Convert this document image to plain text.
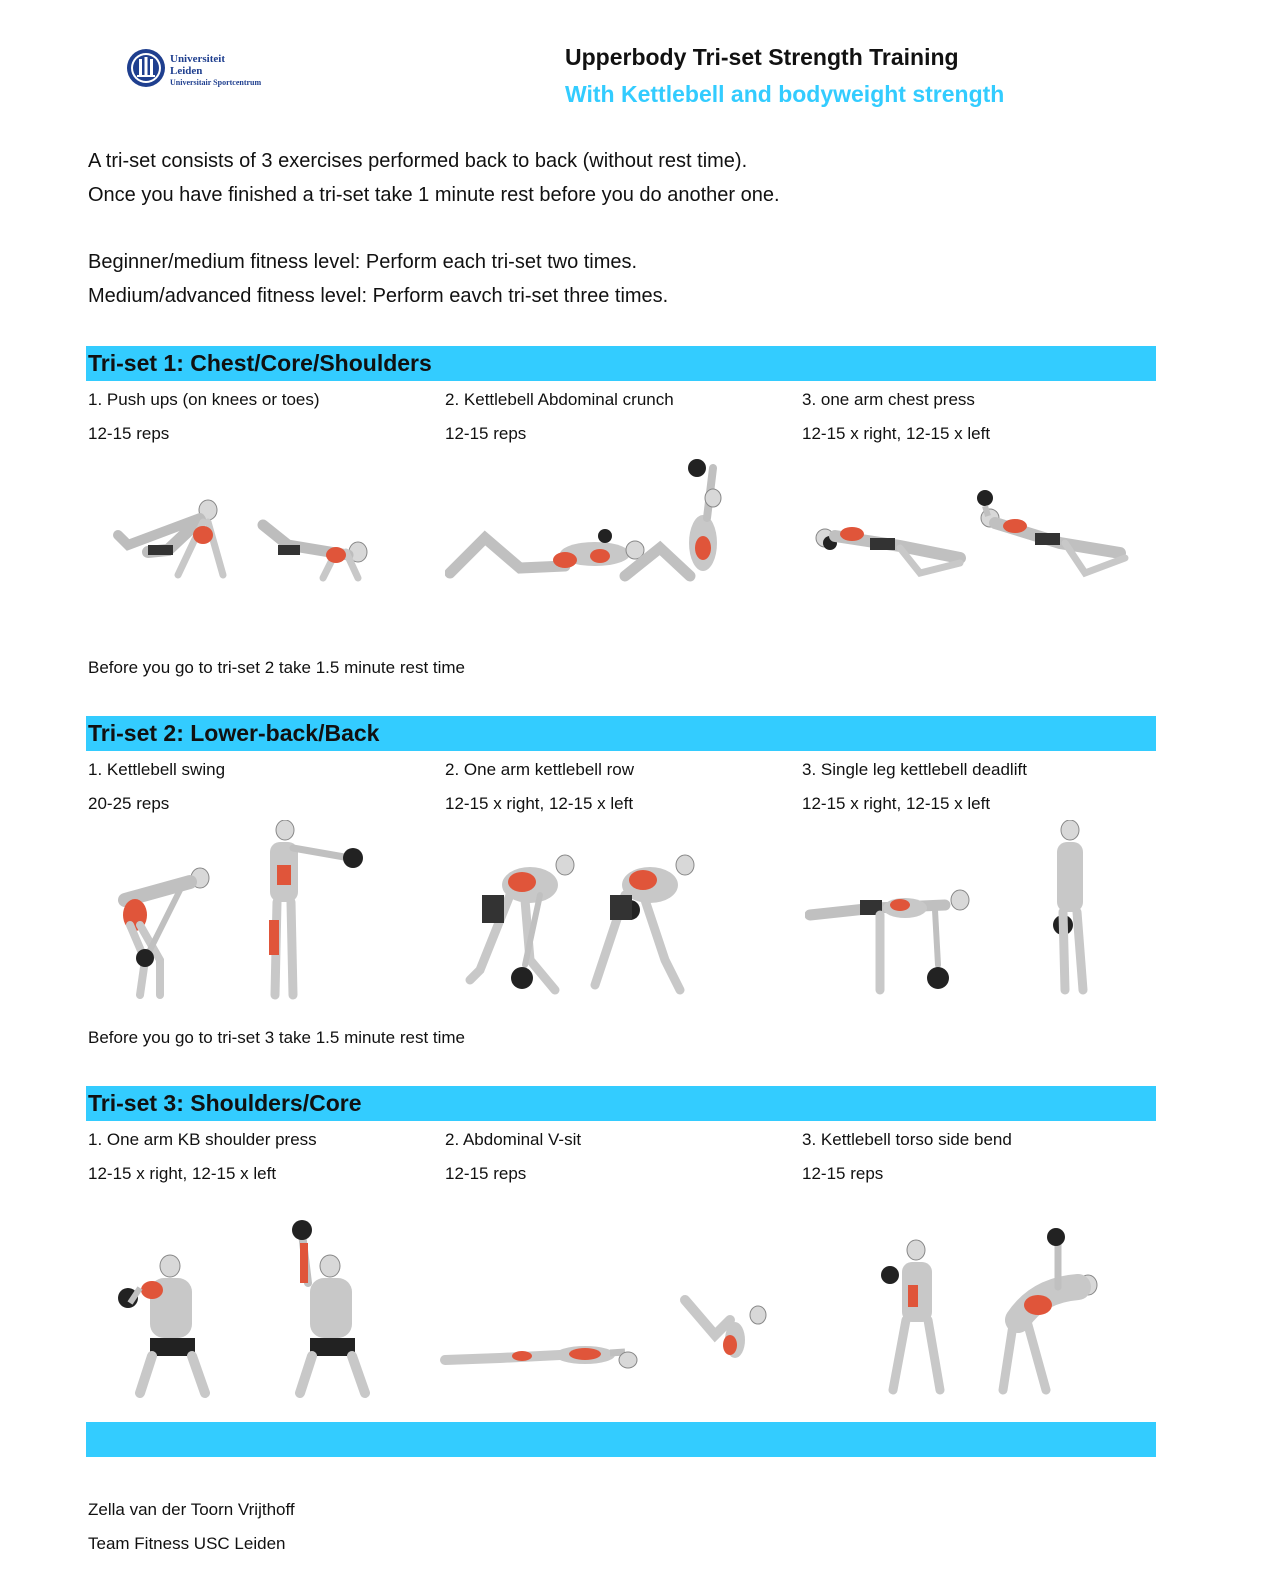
Universiteit
Leiden
Universitair Sportcentrum
Upperbody Tri-set Strength Training
With Kettlebell and bodyweight strength
A tri-set consists of 3 exercises performed back to back (without rest time).
Once you have finished a tri-set take 1 minute rest before you do another one.
Beginner/medium fitness level: Perform each tri-set two times.
Medium/advanced fitness level: Perform eavch tri-set three times.
Tri-set 1: Chest/Core/Shoulders
1. Push ups (on knees or toes)
12-15 reps
2. Kettlebell Abdominal crunch
12-15 reps
3. one arm chest press
12-15 x right, 12-15 x left
Before you go to tri-set 2 take 1.5 minute rest time
Tri-set 2: Lower-back/Back
1. Kettlebell swing
20-25 reps
2. One arm kettlebell row
12-15 x right, 12-15 x left
3. Single leg kettlebell deadlift
12-15 x right, 12-15 x left
Before you go to tri-set 3 take 1.5 minute rest time
Tri-set 3: Shoulders/Core
1. One arm KB shoulder press
12-15 x right, 12-15 x left
2. Abdominal V-sit
12-15 reps
3. Kettlebell torso side bend
12-15 reps
Zella van der Toorn Vrijthoff
Team Fitness USC Leiden
